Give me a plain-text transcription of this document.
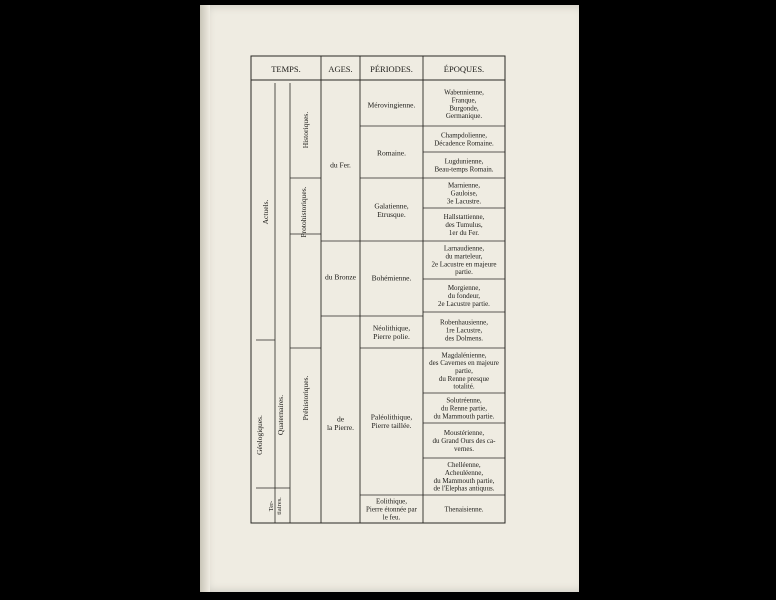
TEMPS.	AGES. PÉRIODES.	ÉPOQUES.
Actuels.
Historiques.
Protohistoriques.
Géologiques. Quaternaires. Préhistoriques.
Ter- tiaires.
du Fer.
du Bronze
de
la Pierre.
Mérovingienne.
Romaine.
Galatienne,
Etrusque.
Bohémienne.
Néolithique,
Pierre polie.
Paléolithique,
Pierre taillée.
Eolithique,
Pierre étonnée par
le feu.
Wabennienne,
Franque,
Burgonde,
Germanique.
Champdolienne,
Décadence Romaine.
Lugdunienne,
Beau-temps Romain.
Marnienne,
Gauloise,
3e Lacustre.
Hallstattienne,
des Tumulus,
1er du Fer.
Larnaudienne,
du marteleur,
2e Lacustre en majeure
partie.
Morgienne,
du fondeur,
2e Lacustre partie.
Robenhausienne,
1re Lacustre,
des Dolmens.
Magdalénienne,
des Cavernes en majeure
partie,
du Renne presque
totalité.
Solutréenne,
du Renne partie,
du Mammouth partie.
Moustérienne,
du Grand Ours des ca-
vernes.
Chelléenne,
Acheuléenne,
du Mammouth partie,
de l'Elephas antiquus.
Thenaisienne.
